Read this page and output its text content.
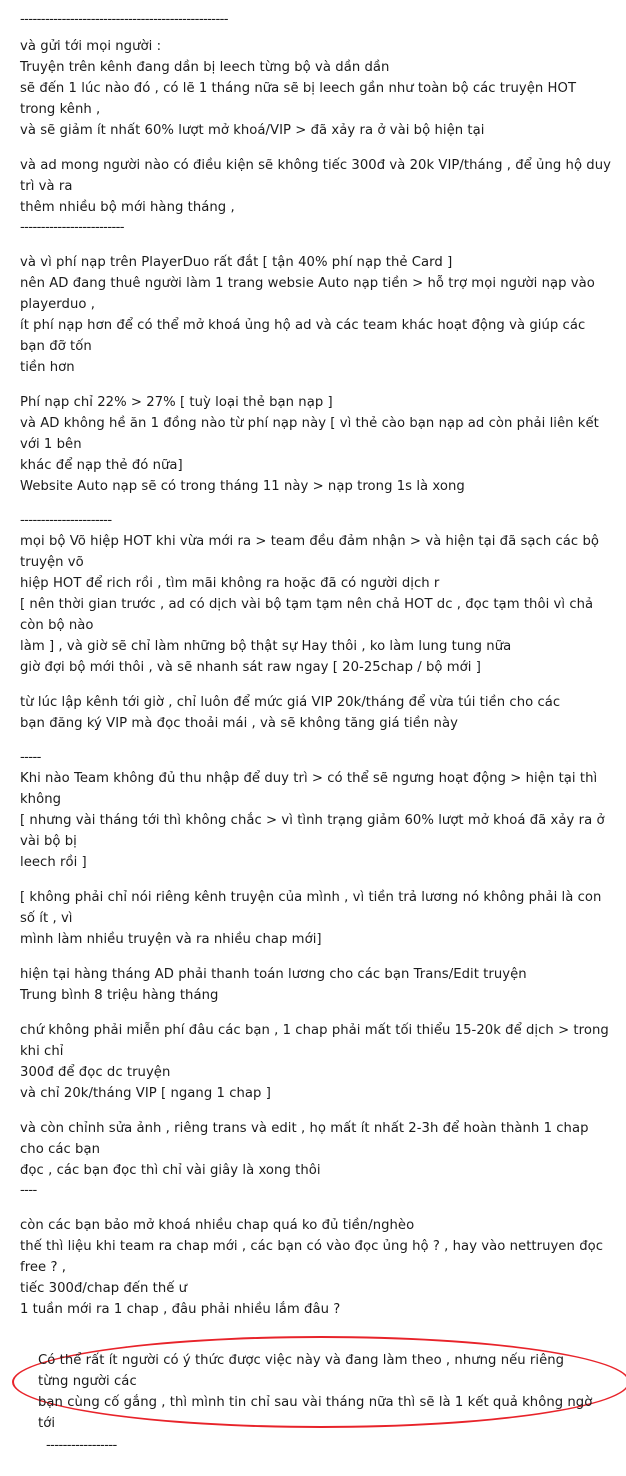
--------------------------------------------------
và gửi tới mọi người :
Truyện trên kênh đang dần bị leech từng bộ và dần dần
sẽ đến 1 lúc nào đó , có lẽ 1 tháng nữa sẽ bị leech gần như toàn bộ các truyện HOT trong kênh ,
và sẽ giảm ít nhất 60% lượt mở khoá/VIP > đã xảy ra ở vài bộ hiện tại
và ad mong người nào có điều kiện sẽ không tiếc 300đ và 20k VIP/tháng , để ủng hộ duy trì và ra
thêm nhiều bộ mới hàng tháng ,
-------------------------
và vì phí nạp trên PlayerDuo rất đắt [ tận 40% phí nạp thẻ Card ]
nên AD đang thuê người làm 1 trang websie Auto nạp tiền > hỗ trợ mọi người nạp vào playerduo ,
ít phí nạp hơn để có thể mở khoá ủng hộ ad và các team khác hoạt động và giúp các bạn đỡ tốn
tiền hơn
Phí nạp chỉ 22% > 27% [ tuỳ loại thẻ bạn nạp ]
và AD không hề ăn 1 đồng nào từ phí nạp này [ vì thẻ cào bạn nạp ad còn phải liên kết với 1 bên
khác để nạp thẻ đó nữa]
Website Auto nạp sẽ có trong tháng 11 này > nạp trong 1s là xong
----------------------
mọi bộ Võ hiệp HOT khi vừa mới ra > team đều đảm nhận > và hiện tại đã sạch các bộ truyện võ
hiệp HOT để rich rồi , tìm mãi không ra hoặc đã có người dịch r
[ nên thời gian trước , ad có dịch vài bộ tạm tạm nên chả HOT dc , đọc tạm thôi vì chả còn bộ nào
làm ] , và giờ sẽ chỉ làm những bộ thật sự Hay thôi , ko làm lung tung nữa
giờ đợi bộ mới thôi , và sẽ nhanh sát raw ngay [ 20-25chap / bộ mới ]
từ lúc lập kênh tới giờ , chỉ luôn để mức giá VIP 20k/tháng để vừa túi tiền cho các
bạn đăng ký VIP mà đọc thoải mái , và sẽ không tăng giá tiền này
-----
Khi nào Team không đủ thu nhập để duy trì > có thể sẽ ngưng hoạt động > hiện tại thì không
[ nhưng vài tháng tới thì không chắc > vì tình trạng giảm 60% lượt mở khoá đã xảy ra ở vài bộ bị
leech rồi ]
[ không phải chỉ nói riêng kênh truyện của mình , vì tiền trả lương nó không phải là con số ít , vì
mình làm nhiều truyện và ra nhiều chap mới]
hiện tại hàng tháng AD phải thanh toán lương cho các bạn Trans/Edit truyện
Trung bình 8 triệu hàng tháng
chứ không phải miễn phí đâu các bạn , 1 chap phải mất tối thiểu 15-20k để dịch > trong khi chỉ
300đ để đọc dc truyện
và chỉ 20k/tháng VIP [ ngang 1 chap ]
và còn chỉnh sửa ảnh , riêng trans và edit , họ mất ít nhất 2-3h để hoàn thành 1 chap cho các bạn
đọc , các bạn đọc thì chỉ vài giây là xong thôi
----
còn các bạn bảo mở khoá nhiều chap quá ko đủ tiền/nghèo
thế thì liệu khi team ra chap mới , các bạn có vào đọc ủng hộ ? , hay vào nettruyen đọc free ? ,
tiếc 300đ/chap đến thế ư
1 tuần mới ra 1 chap , đâu phải nhiều lắm đâu ?
Có thể rất ít người có ý thức được việc này và đang làm theo , nhưng nếu riêng từng người các
bạn cùng cố gắng , thì mình tin chỉ sau vài tháng nữa thì sẽ là 1 kết quả không ngờ tới
-----------------
